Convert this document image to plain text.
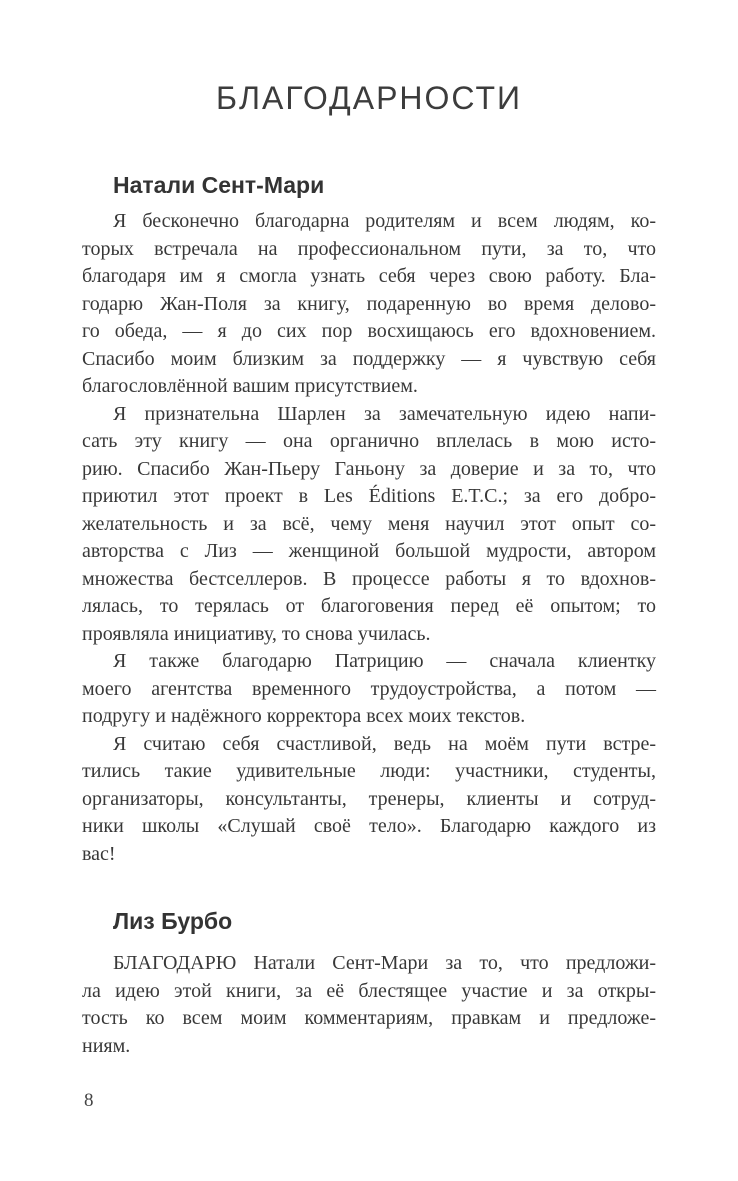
БЛАГОДАРНОСТИ
Натали Сент-Мари

Я бесконечно благодарна родителям и всем людям, ко-
торых встречала на профессиональном пути, за то, что
благодаря им я смогла узнать себя через свою работу. Бла-
годарю Жан-Поля за книгу, подаренную во время делово-
го обеда, — я до сих пор восхищаюсь его вдохновением.
Спасибо моим близким за поддержку — я чувствую себя
благословлённой вашим присутствием.

Я признательна Шарлен за замечательную идею напи-
сать эту книгу — она органично вплелась в мою исто-
рию. Спасибо Жан-Пьеру Ганьону за доверие и за то, что
приютил этот проект в Les Éditions E.T.C.; за его добро-
желательность и за всё, чему меня научил этот опыт со-
авторства с Лиз — женщиной большой мудрости, автором
множества бестселлеров. В процессе работы я то вдохнов-
лялась, то терялась от благоговения перед её опытом; то
проявляла инициативу, то снова училась.

Я также благодарю Патрицию — сначала клиентку
моего агентства временного трудоустройства, а потом —
подругу и надёжного корректора всех моих текстов.

Я считаю себя счастливой, ведь на моём пути встре-
тились такие удивительные люди: участники, студенты,
организаторы, консультанты, тренеры, клиенты и сотруд-
ники школы «Слушай своё тело». Благодарю каждого из
вас!

Лиз Бурбо

БЛАГОДАРЮ Натали Сент-Мари за то, что предложи-
ла идею этой книги, за её блестящее участие и за откры-
тость ко всем моим комментариям, правкам и предложе-
ниям.

8
